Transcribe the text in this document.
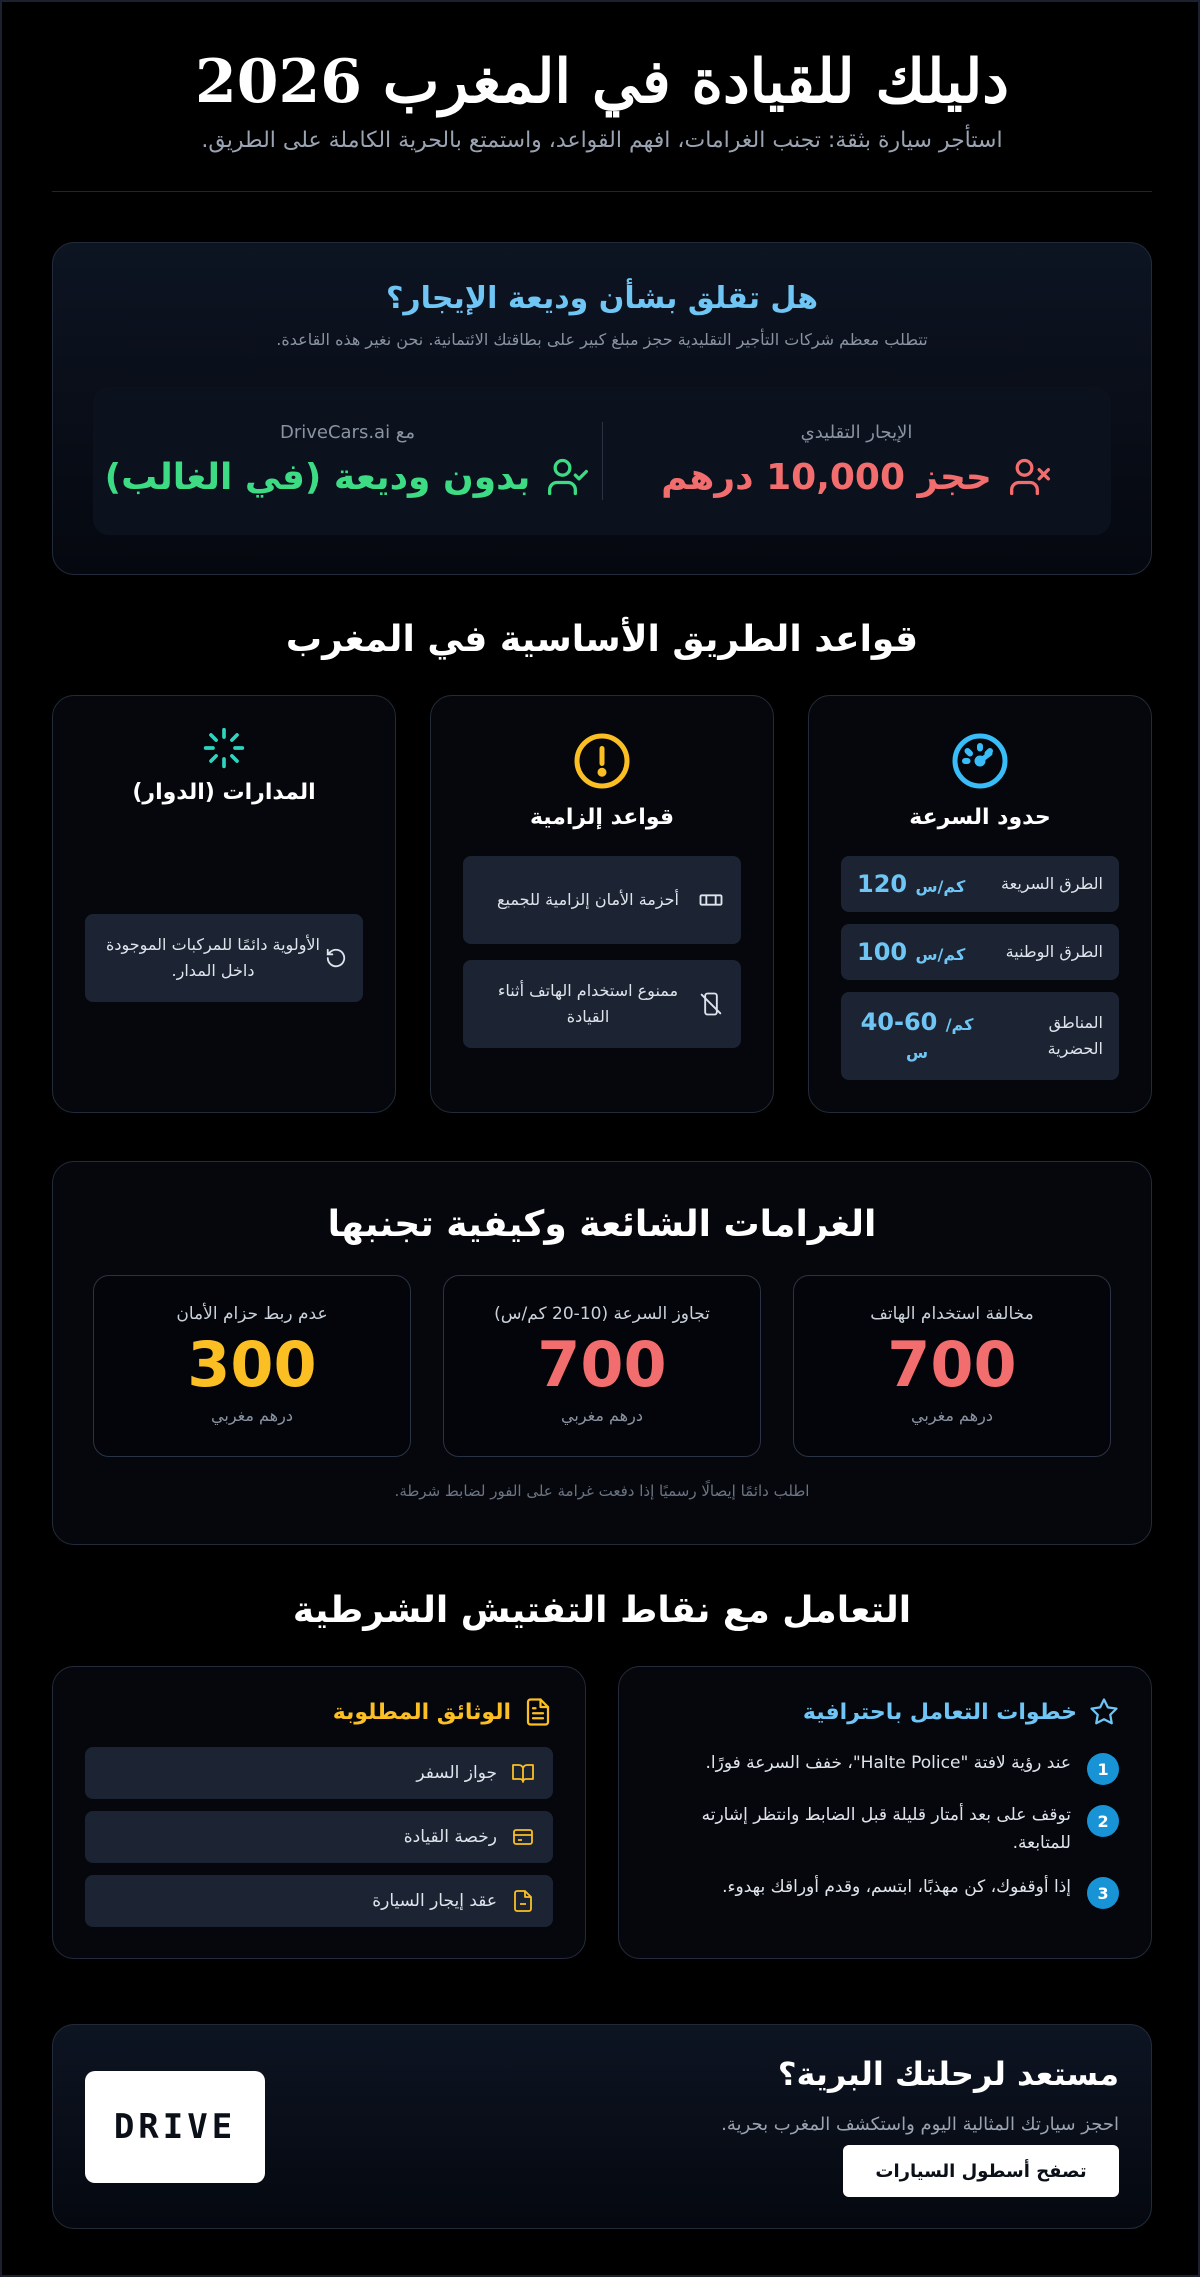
دليلك للقيادة في المغرب 2026

استأجر سيارة بثقة: تجنب الغرامات، افهم القواعد، واستمتع بالحرية الكاملة على الطريق.

هل تقلق بشأن وديعة الإيجار؟
تتطلب معظم شركات التأجير التقليدية حجز مبلغ كبير على بطاقتك الائتمانية. نحن نغير هذه القاعدة.
الإيجار التقليدي
حجز 10,000 درهم
مع DriveCars.ai
بدون وديعة (في الغالب)
قواعد الطريق الأساسية في المغرب
حدود السرعة
الطرق السريعة
120 كم/س
الطرق الوطنية
100 كم/س
المناطق الحضرية
40-60 كم/س
قواعد إلزامية
أحزمة الأمان إلزامية للجميع
ممنوع استخدام الهاتف أثناء القيادة
المدارات (الدوار)
الأولوية دائمًا للمركبات الموجودة داخل المدار.
الغرامات الشائعة وكيفية تجنبها
مخالفة استخدام الهاتف
700
درهم مغربي
تجاوز السرعة (10-20 كم/س)
700
درهم مغربي
عدم ربط حزام الأمان
300
درهم مغربي
اطلب دائمًا إيصالًا رسميًا إذا دفعت غرامة على الفور لضابط شرطة.
التعامل مع نقاط التفتيش الشرطية
خطوات التعامل باحترافية
1
عند رؤية لافتة "Halte Police"، خفف السرعة فورًا.
2
توقف على بعد أمتار قليلة قبل الضابط وانتظر إشارته للمتابعة.
3
إذا أوقفوك، كن مهذبًا، ابتسم، وقدم أوراقك بهدوء.
الوثائق المطلوبة
جواز السفر
رخصة القيادة
عقد إيجار السيارة
مستعد لرحلتك البرية؟

احجز سيارتك المثالية اليوم واستكشف المغرب بحرية.

تصفح أسطول السيارات
DRIVE
